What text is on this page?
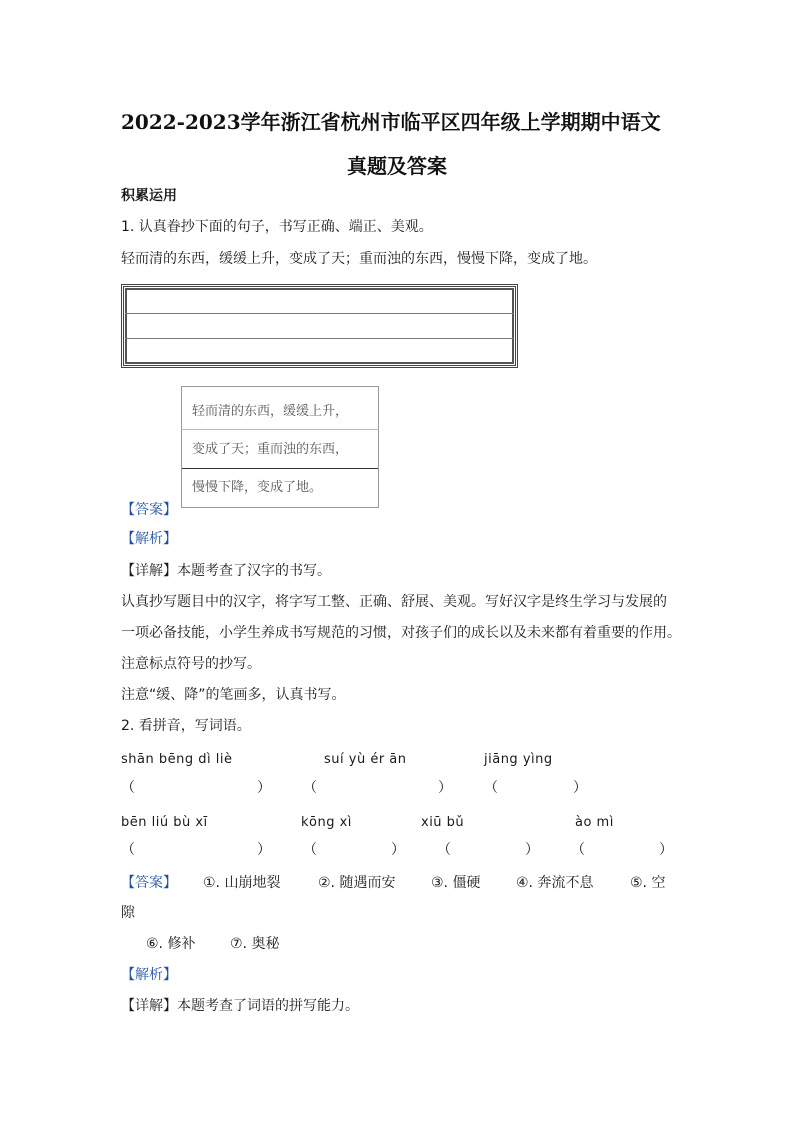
2022-2023学年浙江省杭州市临平区四年级上学期期中语文
真题及答案
积累运用
1. 认真眷抄下面的句子，书写正确、端正、美观。
轻而清的东西，缓缓上升，变成了天；重而浊的东西，慢慢下降，变成了地。
轻而清的东西，缓缓上升，
变成了天；重而浊的东西，
慢慢下降，变成了地。
【答案】
【解析】
【详解】本题考查了汉字的书写。
认真抄写题目中的汉字，将字写工整、正确、舒展、美观。写好汉字是终生学习与发展的
一项必备技能，小学生养成书写规范的习惯，对孩子们的成长以及未来都有着重要的作用。
注意标点符号的抄写。
注意“缓、降”的笔画多，认真书写。
2. 看拼音，写词语。
shān bēng dì liè	suí yù ér ān	jiāng yìng
（	） （	） （	）
bēn liú bù xī	kōng xì	xiū bǔ	ào mì
（	） （	） （	） （	）
【答案】 ①. 山崩地裂	②. 随遇而安	③. 僵硬	④. 奔流不息	⑤. 空
隙
⑥. 修补 ⑦. 奥秘
【解析】
【详解】本题考查了词语的拼写能力。
